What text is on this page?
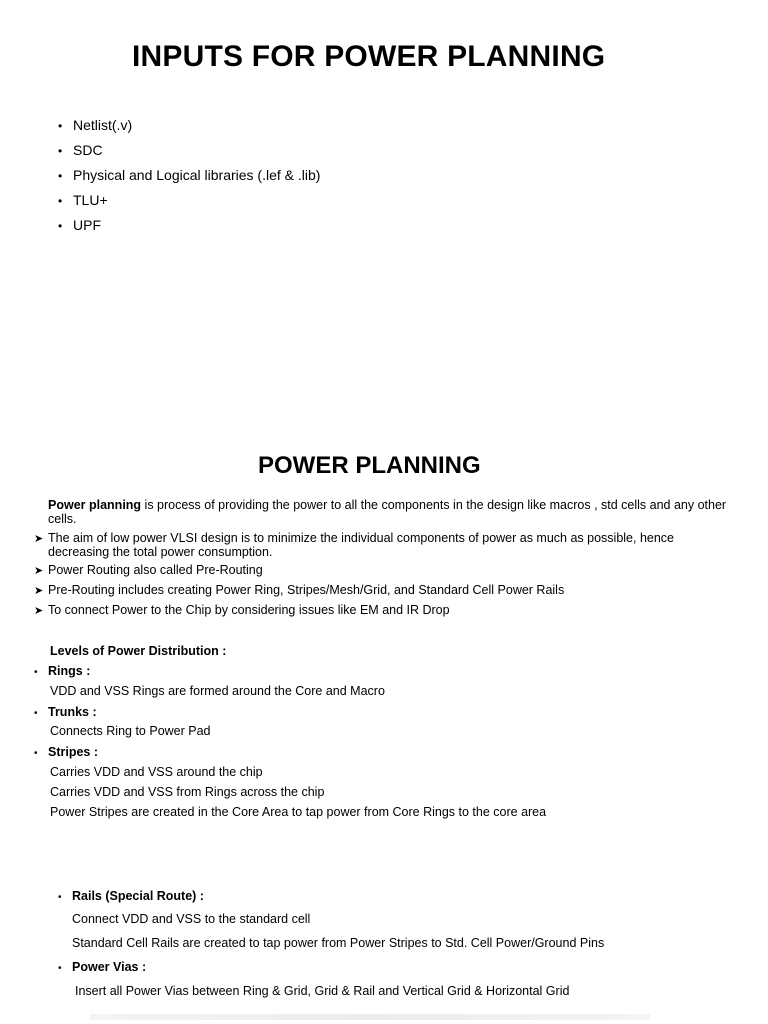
INPUTS FOR POWER PLANNING
• Netlist(.v)
• SDC
• Physical and Logical libraries (.lef & .lib)
• TLU+
• UPF
POWER PLANNING
Power planning is process of providing the power to all the components in the design like macros , std cells and any other cells.
➤ The aim of low power VLSI design is to minimize the individual components of power as much as possible, hence decreasing the total power consumption.
➤ Power Routing also called Pre-Routing
➤ Pre-Routing includes creating Power Ring, Stripes/Mesh/Grid, and Standard Cell Power Rails
➤ To connect Power to the Chip by considering issues like EM and IR Drop
Levels of Power Distribution :
• Rings :
VDD and VSS Rings are formed around the Core and Macro
• Trunks :
Connects Ring to Power Pad
• Stripes :
Carries VDD and VSS around the chip
Carries VDD and VSS from Rings across the chip
Power Stripes are created in the Core Area to tap power from Core Rings to the core area
• Rails (Special Route) :
Connect VDD and VSS to the standard cell
Standard Cell Rails are created to tap power from Power Stripes to Std. Cell Power/Ground Pins
• Power Vias :
Insert all Power Vias between Ring & Grid, Grid & Rail and Vertical Grid & Horizontal Grid
